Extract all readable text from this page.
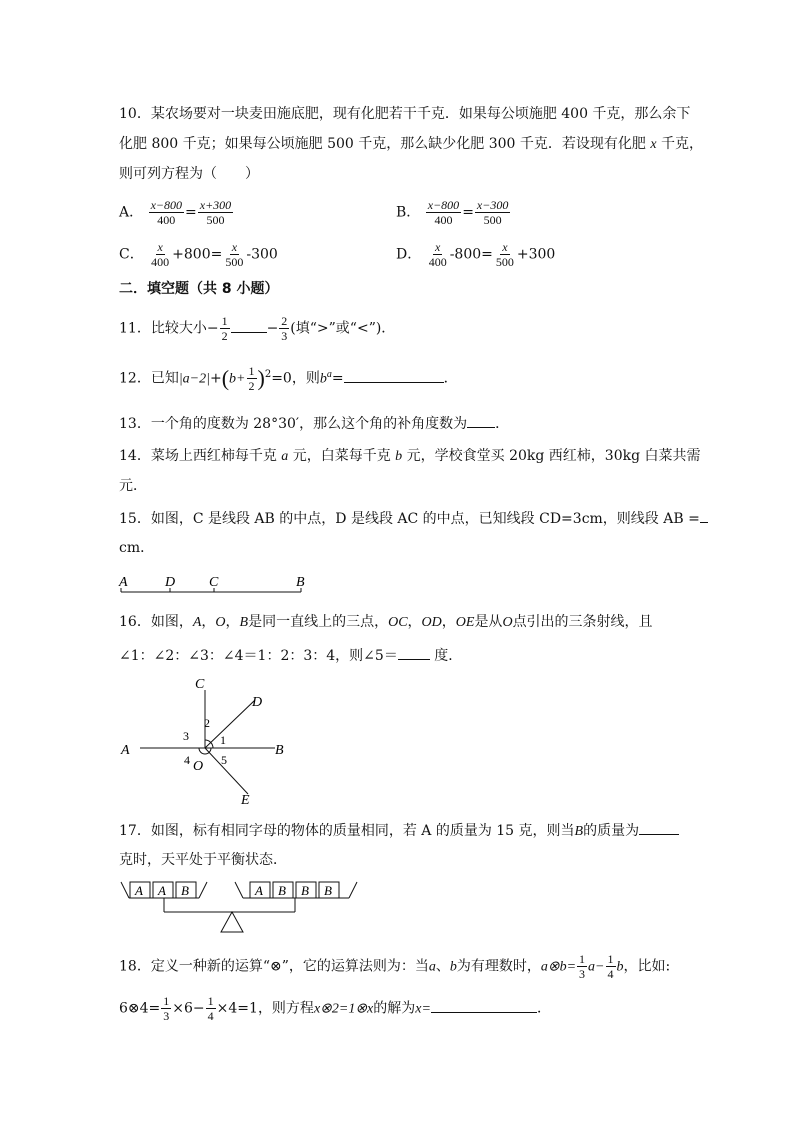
10．某农场要对一块麦田施底肥，现有化肥若干千克．如果每公顷施肥 400 千克，那么余下
化肥 800 千克；如果每公顷施肥 500 千克，那么缺少化肥 300 千克．若设现有化肥 x 千克，
则可列方程为（　　）
A． $\frac{x-800}{400} = \frac{x+300}{500}$	B． $\frac{x-800}{400} = \frac{x-300}{500}$
C． $\frac{x}{400} +800= \frac{x}{500} -300$	D． $\frac{x}{400} -800= \frac{x}{500} +300$
二．填空题（共 8 小题）
11．比较大小− $\frac{1}{2}$	− $\frac{2}{3}$ (填“>”或“<”)．
12．已知$|a-2|+(b+ \frac{1}{2} )^2=0$，则$b^a=$	．
13．一个角的度数为 28°30′，那么这个角的补角度数为 ．
14．菜场上西红柿每千克 a 元，白菜每千克 b 元，学校食堂买 20kg 西红柿，30kg 白菜共需
元．
15．如图，C 是线段 AB 的中点，D 是线段 AC 的中点，已知线段 CD=3cm，则线段 AB =
cm．
A	D C	B
16．如图，A，O，B是同一直线上的三点，OC，OD，OE是从O点引出的三条射线，且
∠1：∠2：∠3：∠4＝1：2：3：4，则∠5＝	度．
A	B
C
D
E
O
1
2
3
4	5
17．如图，标有相同字母的物体的质量相同，若 A 的质量为 15 克，则当B的质量为
克时，天平处于平衡状态．
A A B	A B B B
18．定义一种新的运算“⊗”，它的运算法则为：当a、b为有理数时，a⊗b= $\frac{1}{3} a- \frac{1}{4}$ b，比如:
6⊗4= $\frac{1}{3} \times 6- \frac{1}{4} \times 4=1$，则方程x⊗2=1⊗x的解为x=	．
